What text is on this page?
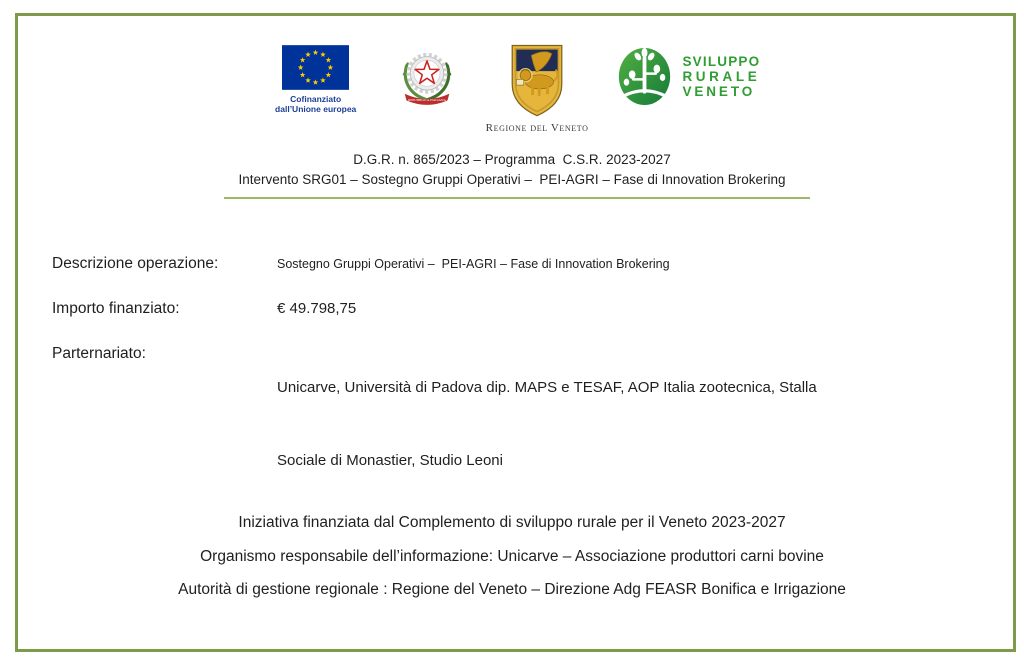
Cofinanziato
dall’Unione europea
REPUBBLICA ITALIANA
Regione del Veneto
SVILUPPO
RURALE
VENETO
D.G.R. n. 865/2023 – Programma  C.S.R. 2023-2027
Intervento SRG01 – Sostegno Gruppi Operativi –  PEI-AGRI – Fase di Innovation Brokering
Descrizione operazione:	Sostegno Gruppi Operativi –  PEI-AGRI – Fase di Innovation Brokering
Importo finanziato:	€ 49.798,75
Parternariato:

Unicarve, Università di Padova dip. MAPS e TESAF, AOP Italia zootecnica, Stalla

Sociale di Monastier, Studio Leoni

Iniziativa finanziata dal Complemento di sviluppo rurale per il Veneto 2023-2027
Organismo responsabile dell’informazione: Unicarve – Associazione produttori carni bovine
Autorità di gestione regionale : Regione del Veneto – Direzione Adg FEASR Bonifica e Irrigazione
